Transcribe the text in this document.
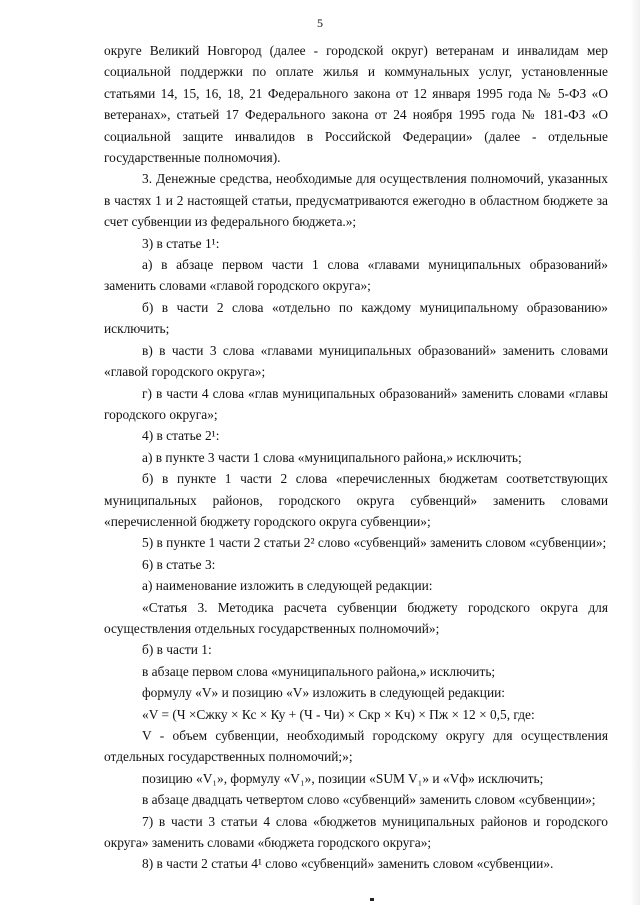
5

округе Великий Новгород (далее - городской округ) ветеранам и инвалидам мер социальной поддержки по оплате жилья и коммунальных услуг, установленные статьями 14, 15, 16, 18, 21 Федерального закона от 12 января 1995 года № 5-ФЗ «О ветеранах», статьей 17 Федерального закона от 24 ноября 1995 года № 181-ФЗ «О социальной защите инвалидов в Российской Федерации» (далее - отдельные государственные полномочия).

3. Денежные средства, необходимые для осуществления полномочий, указанных в частях 1 и 2 настоящей статьи, предусматриваются ежегодно в областном бюджете за счет субвенции из федерального бюджета.»;

3) в статье 1¹:

а) в абзаце первом части 1 слова «главами муниципальных образований» заменить словами «главой городского округа»;

б) в части 2 слова «отдельно по каждому муниципальному образованию» исключить;

в) в части 3 слова «главами муниципальных образований» заменить словами «главой городского округа»;

г) в части 4 слова «глав муниципальных образований» заменить словами «главы городского округа»;

4) в статье 2¹:

а) в пункте 3 части 1 слова «муниципального района,» исключить;

б) в пункте 1 части 2 слова «перечисленных бюджетам соответствующих муниципальных районов, городского округа субвенций» заменить словами «перечисленной бюджету городского округа субвенции»;

5) в пункте 1 части 2 статьи 2² слово «субвенций» заменить словом «субвенции»;

6) в статье 3:

а) наименование изложить в следующей редакции:

«Статья 3. Методика расчета субвенции бюджету городского округа для осуществления отдельных государственных полномочий»;

б) в части 1:

в абзаце первом слова «муниципального района,» исключить;

формулу «V» и позицию «V» изложить в следующей редакции:

«V = (Ч ×Сжку × Кс × Ку + (Ч - Чи) × Скр × Кч) × Пж × 12 × 0,5, где:

V - объем субвенции, необходимый городскому округу для осуществления отдельных государственных полномочий;»;

позицию «V₁», формулу «V₁», позиции «SUM V₁» и «Vф» исключить;

в абзаце двадцать четвертом слово «субвенций» заменить словом «субвенции»;

7) в части 3 статьи 4 слова «бюджетов муниципальных районов и городского округа» заменить словами «бюджета городского округа»;

8) в части 2 статьи 4¹ слово «субвенций» заменить словом «субвенции».
